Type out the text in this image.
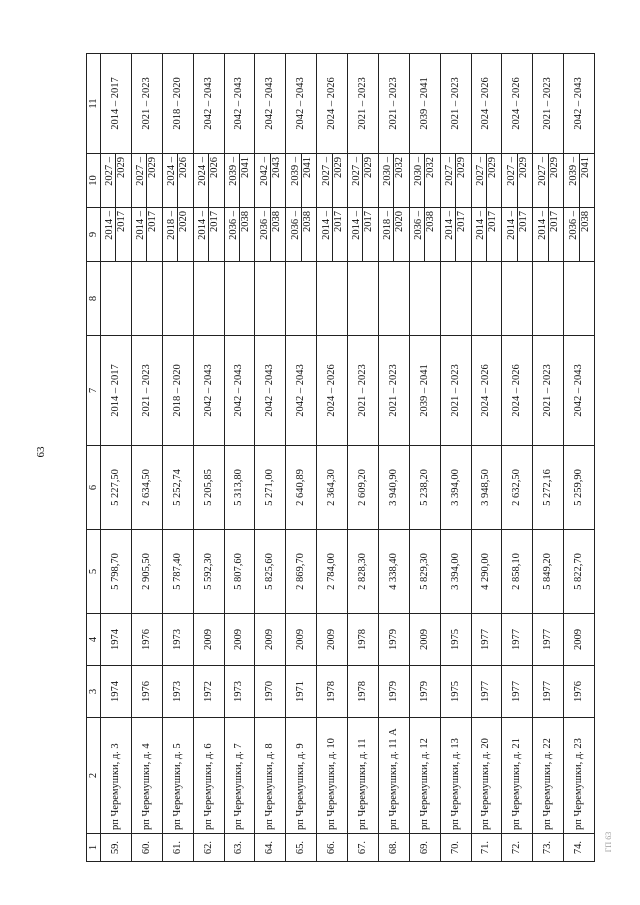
63
ГП 63
1	2	3	4	5	6	7	8	9	10	11
59.	рп Черемушки, д. 3	1974	1974	5 798,70	5 227,50	2014 – 2017		2014 – 2017	2027 – 2029	2014 – 2017
60.	рп Черемушки, д. 4	1976	1976	2 905,50	2 634,50	2021 – 2023		2014 – 2017	2027 – 2029	2021 – 2023
61.	рп Черемушки, д. 5	1973	1973	5 787,40	5 252,74	2018 – 2020		2018 – 2020	2024 – 2026	2018 – 2020
62.	рп Черемушки, д. 6	1972	2009	5 592,30	5 205,85	2042 – 2043		2014 – 2017	2024 – 2026	2042 – 2043
63.	рп Черемушки, д. 7	1973	2009	5 807,60	5 313,80	2042 – 2043		2036 – 2038	2039 – 2041	2042 – 2043
64.	рп Черемушки, д. 8	1970	2009	5 825,60	5 271,00	2042 – 2043		2036 – 2038	2042 – 2043	2042 – 2043
65.	рп Черемушки, д. 9	1971	2009	2 869,70	2 640,89	2042 – 2043		2036 – 2038	2039 – 2041	2042 – 2043
66.	рп Черемушки, д. 10	1978	2009	2 784,00	2 364,30	2024 – 2026		2014 – 2017	2027 – 2029	2024 – 2026
67.	рп Черемушки, д. 11	1978	1978	2 828,30	2 609,20	2021 – 2023		2014 – 2017	2027 – 2029	2021 – 2023
68.	рп Черемушки, д. 11 А	1979	1979	4 338,40	3 940,90	2021 – 2023		2018 – 2020	2030 – 2032	2021 – 2023
69.	рп Черемушки, д. 12	1979	2009	5 829,30	5 238,20	2039 – 2041		2036 – 2038	2030 – 2032	2039 – 2041
70.	рп Черемушки, д. 13	1975	1975	3 394,00	3 394,00	2021 – 2023		2014 – 2017	2027 – 2029	2021 – 2023
71.	рп Черемушки, д. 20	1977	1977	4 290,00	3 948,50	2024 – 2026		2014 – 2017	2027 – 2029	2024 – 2026
72.	рп Черемушки, д. 21	1977	1977	2 858,10	2 632,50	2024 – 2026		2014 – 2017	2027 – 2029	2024 – 2026
73.	рп Черемушки, д. 22	1977	1977	5 849,20	5 272,16	2021 – 2023		2014 – 2017	2027 – 2029	2021 – 2023
74.	рп Черемушки, д. 23	1976	2009	5 822,70	5 259,90	2042 – 2043		2036 – 2038	2039 – 2041	2042 – 2043
